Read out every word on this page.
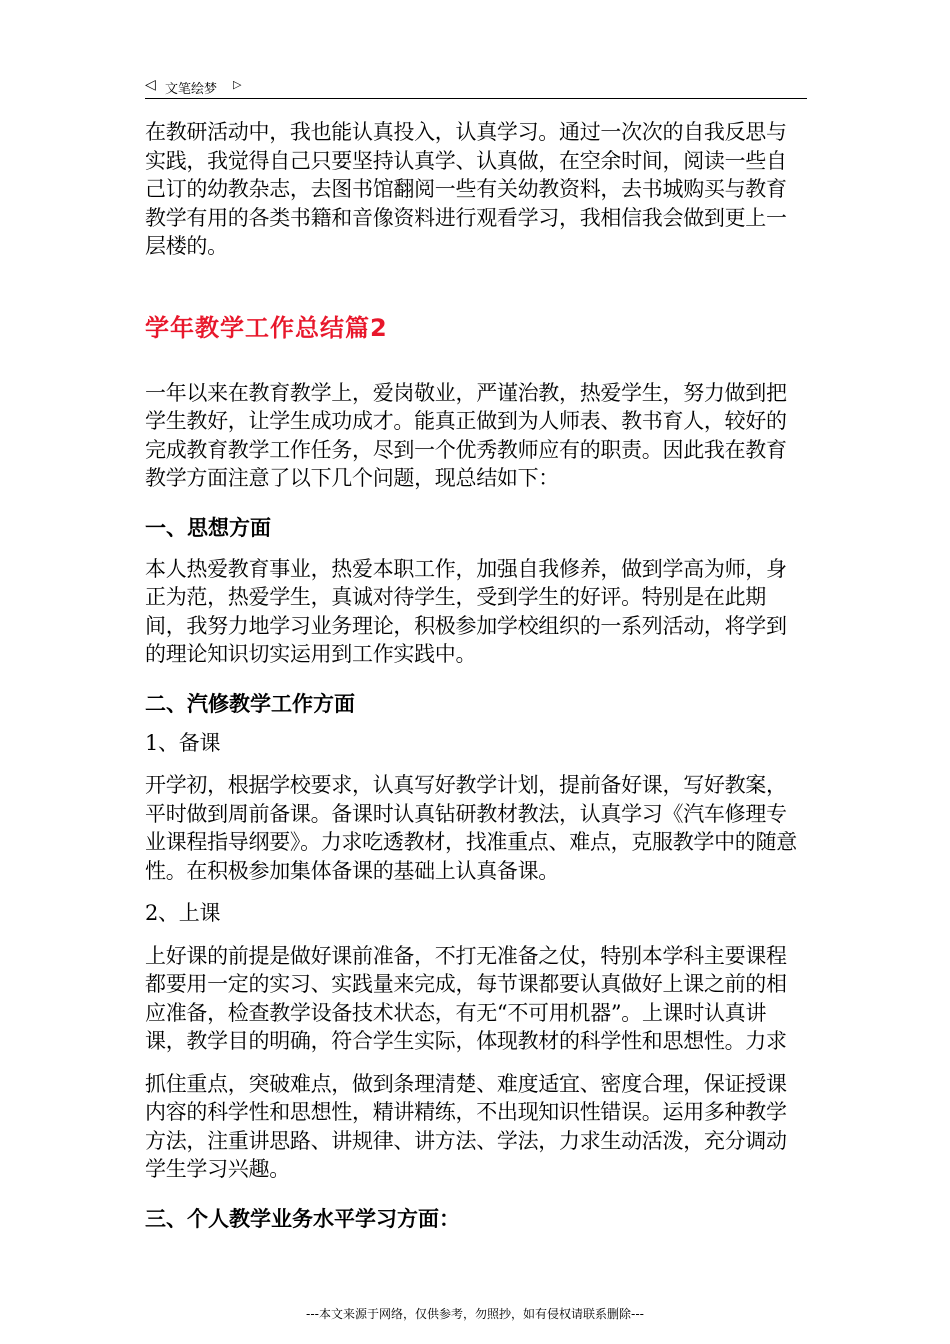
◁ 文笔绘梦 ▷

在教研活动中，我也能认真投入，认真学习。通过一次次的自我反思与实践，我觉得自己只要坚持认真学、认真做，在空余时间，阅读一些自己订的幼教杂志，去图书馆翻阅一些有关幼教资料，去书城购买与教育教学有用的各类书籍和音像资料进行观看学习，我相信我会做到更上一层楼的。

学年教学工作总结篇2

一年以来在教育教学上，爱岗敬业，严谨治教，热爱学生，努力做到把学生教好，让学生成功成才。能真正做到为人师表、教书育人，较好的完成教育教学工作任务，尽到一个优秀教师应有的职责。因此我在教育教学方面注意了以下几个问题，现总结如下：

一、思想方面

本人热爱教育事业，热爱本职工作，加强自我修养，做到学高为师，身正为范，热爱学生，真诚对待学生，受到学生的好评。特别是在此期间，我努力地学习业务理论，积极参加学校组织的一系列活动，将学到的理论知识切实运用到工作实践中。

二、汽修教学工作方面

1、备课

开学初，根据学校要求，认真写好教学计划，提前备好课，写好教案，平时做到周前备课。备课时认真钻研教材教法，认真学习《汽车修理专业课程指导纲要》。力求吃透教材，找准重点、难点，克服教学中的随意性。在积极参加集体备课的基础上认真备课。

2、上课

上好课的前提是做好课前准备，不打无准备之仗，特别本学科主要课程都要用一定的实习、实践量来完成，每节课都要认真做好上课之前的相应准备，检查教学设备技术状态，有无“不可用机器”。上课时认真讲课，教学目的明确，符合学生实际，体现教材的科学性和思想性。力求

抓住重点，突破难点，做到条理清楚、难度适宜、密度合理，保证授课内容的科学性和思想性，精讲精练，不出现知识性错误。运用多种教学方法，注重讲思路、讲规律、讲方法、学法，力求生动活泼，充分调动学生学习兴趣。

三、个人教学业务水平学习方面：
---本文来源于网络，仅供参考，勿照抄，如有侵权请联系删除---
